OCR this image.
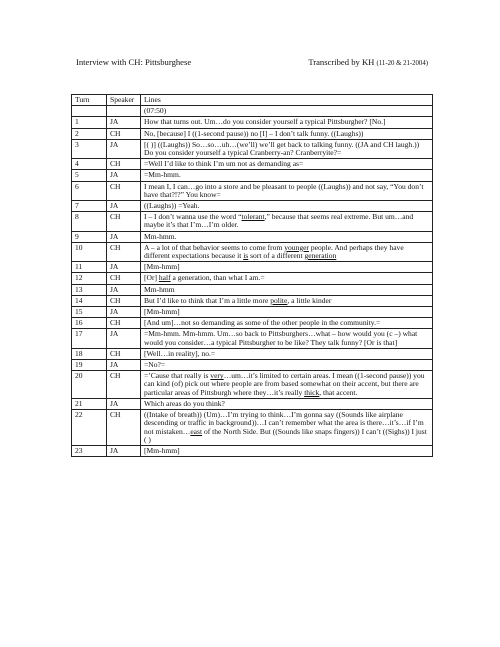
Interview with CH: Pittsburghese	Transcribed by KH (11-20 & 21-2004)
Turn	Speaker	Lines
		(07:50)
1	JA	How that turns out. Um…do you consider yourself a typical Pittsburgher? [No.]
2	CH	No, [because] I ((1-second pause)) no [I] – I don’t talk funny. ((Laughs))
3	JA	[( )] ((Laughs)) So…so…uh…(we’ll) we’ll get back to talking funny. ((JA and CH laugh.)) Do you consider yourself a typical Cranberry-an? Cranberryite?=
4	CH	=Well I’d like to think I’m um not as demanding as=
5	JA	=Mm-hmm.
6	CH	I mean I, I can…go into a store and be pleasant to people ((Laughs)) and not say, “You don’t have that?!?” You know=
7	JA	((Laughs)) =Yeah.
8	CH	I – I don’t wanna use the word “tolerant,” because that seems real extreme. But um…and maybe it’s that I’m…I’m older.
9	JA	Mm-hmm.
10	CH	A – a lot of that behavior seems to come from younger people. And perhaps they have different expectations because it is sort of a different generation
11	JA	[Mm-hmm]
12	CH	[Or] half a generation, than what I am.=
13	JA	Mm-hmm
14	CH	But I’d like to think that I’m a little more polite, a little kinder
15	JA	[Mm-hmm]
16	CH	[And um]…not so demanding as some of the other people in the community.=
17	JA	=Mm-hmm. Mm-hmm. Um…so back to Pittsburghers…what – how would you (c –) what would you consider…a typical Pittsburgher to be like? They talk funny? [Or is that]
18	CH	[Well…in reality], no.=
19	JA	=No?=
20	CH	=’Cause that really is very…um…it’s limited to certain areas. I mean ((1-second pause)) you can kind (of) pick out where people are from based somewhat on their accent, but there are particular areas of Pittsburgh where they…it’s really thick, that accent.
21	JA	Which areas do you think?
22	CH	((Intake of breath)) (Um)…I’m trying to think…I’m gonna say ((Sounds like airplane descending or traffic in background))…I can’t remember what the area is there…it’s…if I’m not mistaken…east of the North Side. But ((Sounds like snaps fingers)) I can’t ((Sighs)) I just ( )
23	JA	[Mm-hmm]
